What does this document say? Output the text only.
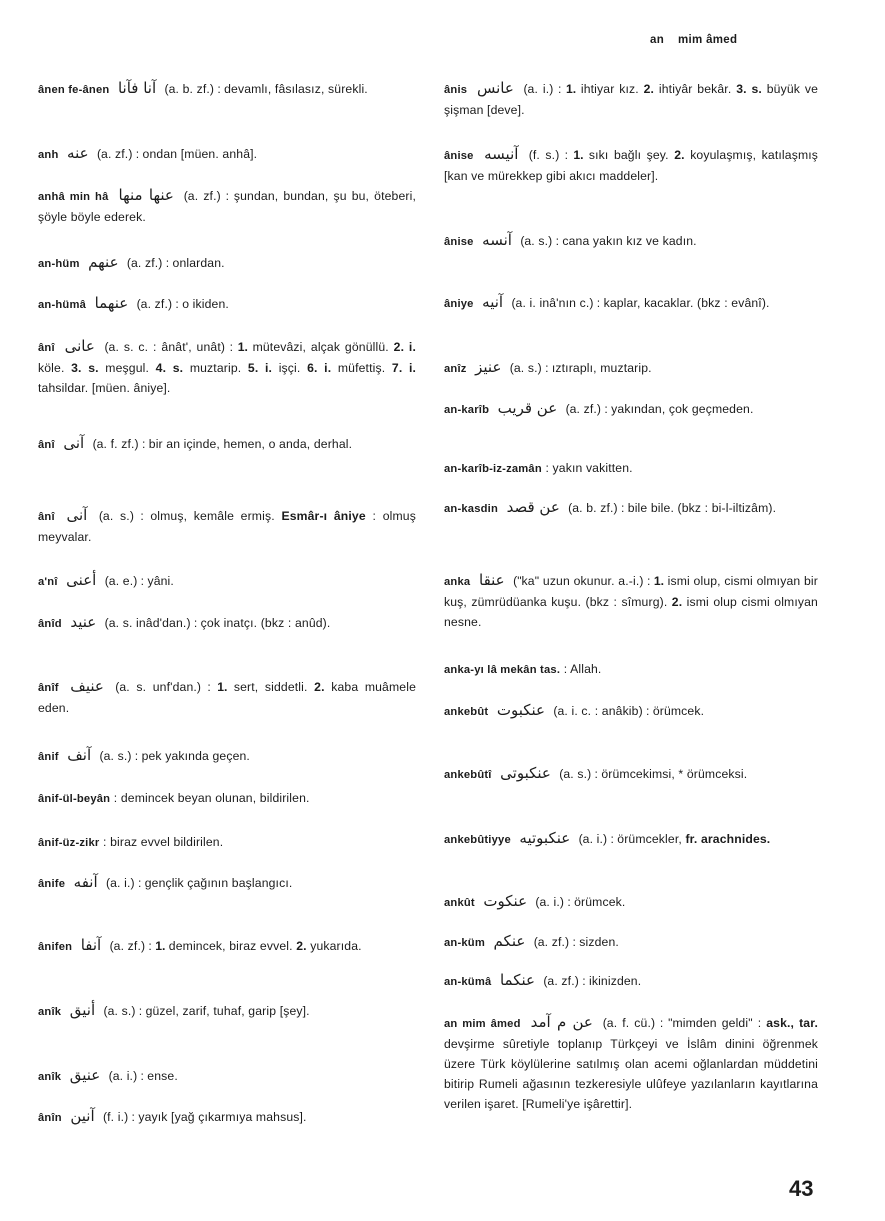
an mim âmed
ânen fe-ânen آنا فآنا (a. b. zf.) : devamlı, fâsılasız, sürekli.
anh عنه (a. zf.) : ondan [müen. anhâ].
anhâ min hâ عنها منها (a. zf.) : şundan, bundan, şu bu, öteberi, şöyle böyle ederek.
an-hüm عنهم (a. zf.) : onlardan.
an-hümâ عنهما (a. zf.) : o ikiden.
ânî عانى (a. s. c. : ânât', unât) : 1. mütevâzi, alçak gönüllü. 2. i. köle. 3. s. meşgul. 4. s. muztarip. 5. i. işçi. 6. i. müfettiş. 7. i. tahsildar. [müen. âniye].
ânî آنى (a. f. zf.) : bir an içinde, hemen, o anda, derhal.
ânî آنى (a. s.) : olmuş, kemâle ermiş. Esmâr-ı âniye : olmuş meyvalar.
a'nî أعنى (a. e.) : yâni.
ânîd عنيد (a. s. inâd'dan.) : çok inatçı. (bkz : anûd).
ânîf عنيف (a. s. unf'dan.) : 1. sert, siddetli. 2. kaba muâmele eden.
ânif آنف (a. s.) : pek yakında geçen.
ânif-ül-beyân : demincek beyan olunan, bildirilen.
ânif-üz-zikr : biraz evvel bildirilen.
ânife آنفه (a. i.) : gençlik çağının başlangıcı.
ânifen آنفا (a. zf.) : 1. demincek, biraz evvel. 2. yukarıda.
anîk أنيق (a. s.) : güzel, zarif, tuhaf, garip [şey].
anîk عنيق (a. i.) : ense.
ânîn آنين (f. i.) : yayık [yağ çıkarmıya mahsus].
ânis عانس (a. i.) : 1. ihtiyar kız. 2. ihtiyâr bekâr. 3. s. büyük ve şişman [deve].
ânise آنيسه (f. s.) : 1. sıkı bağlı şey. 2. koyulaşmış, katılaşmış [kan ve mürekkep gibi akıcı maddeler].
ânise آنسه (a. s.) : cana yakın kız ve kadın.
âniye آنيه (a. i. inâ'nın c.) : kaplar, kacaklar. (bkz : evânî).
anîz عنيز (a. s.) : ıztıraplı, muztarip.
an-karîb عن قريب (a. zf.) : yakından, çok geçmeden.
an-karîb-iz-zamân : yakın vakitten.
an-kasdin عن قصد (a. b. zf.) : bile bile. (bkz : bi-l-iltizâm).
anka عنقا ("ka" uzun okunur. a.-i.) : 1. ismi olup, cismi olmıyan bir kuş, zümrüdüanka kuşu. (bkz : sîmurg). 2. ismi olup cismi olmıyan nesne.
anka-yı lâ mekân tas. : Allah.
ankebût عنكبوت (a. i. c. : anâkib) : örümcek.
ankebûtî عنكبوتى (a. s.) : örümcekimsi, * örümceksi.
ankebûtiyye عنكبوتيه (a. i.) : örümcekler, fr. arachnides.
ankût عنكوت (a. i.) : örümcek.
an-küm عنكم (a. zf.) : sizden.
an-kümâ عنكما (a. zf.) : ikinizden.
an mim âmed عن م آمد (a. f. cü.) : "mimden geldi" : ask., tar. devşirme sûretiyle toplanıp Türkçeyi ve İslâm dinini öğrenmek üzere Türk köylülerine satılmış olan acemi oğlanlardan müddetini bitirip Rumeli ağasının tezkeresiyle ulûfeye yazılanların kayıtlarına verilen işaret. [Rumeli'ye işârettir].
43
